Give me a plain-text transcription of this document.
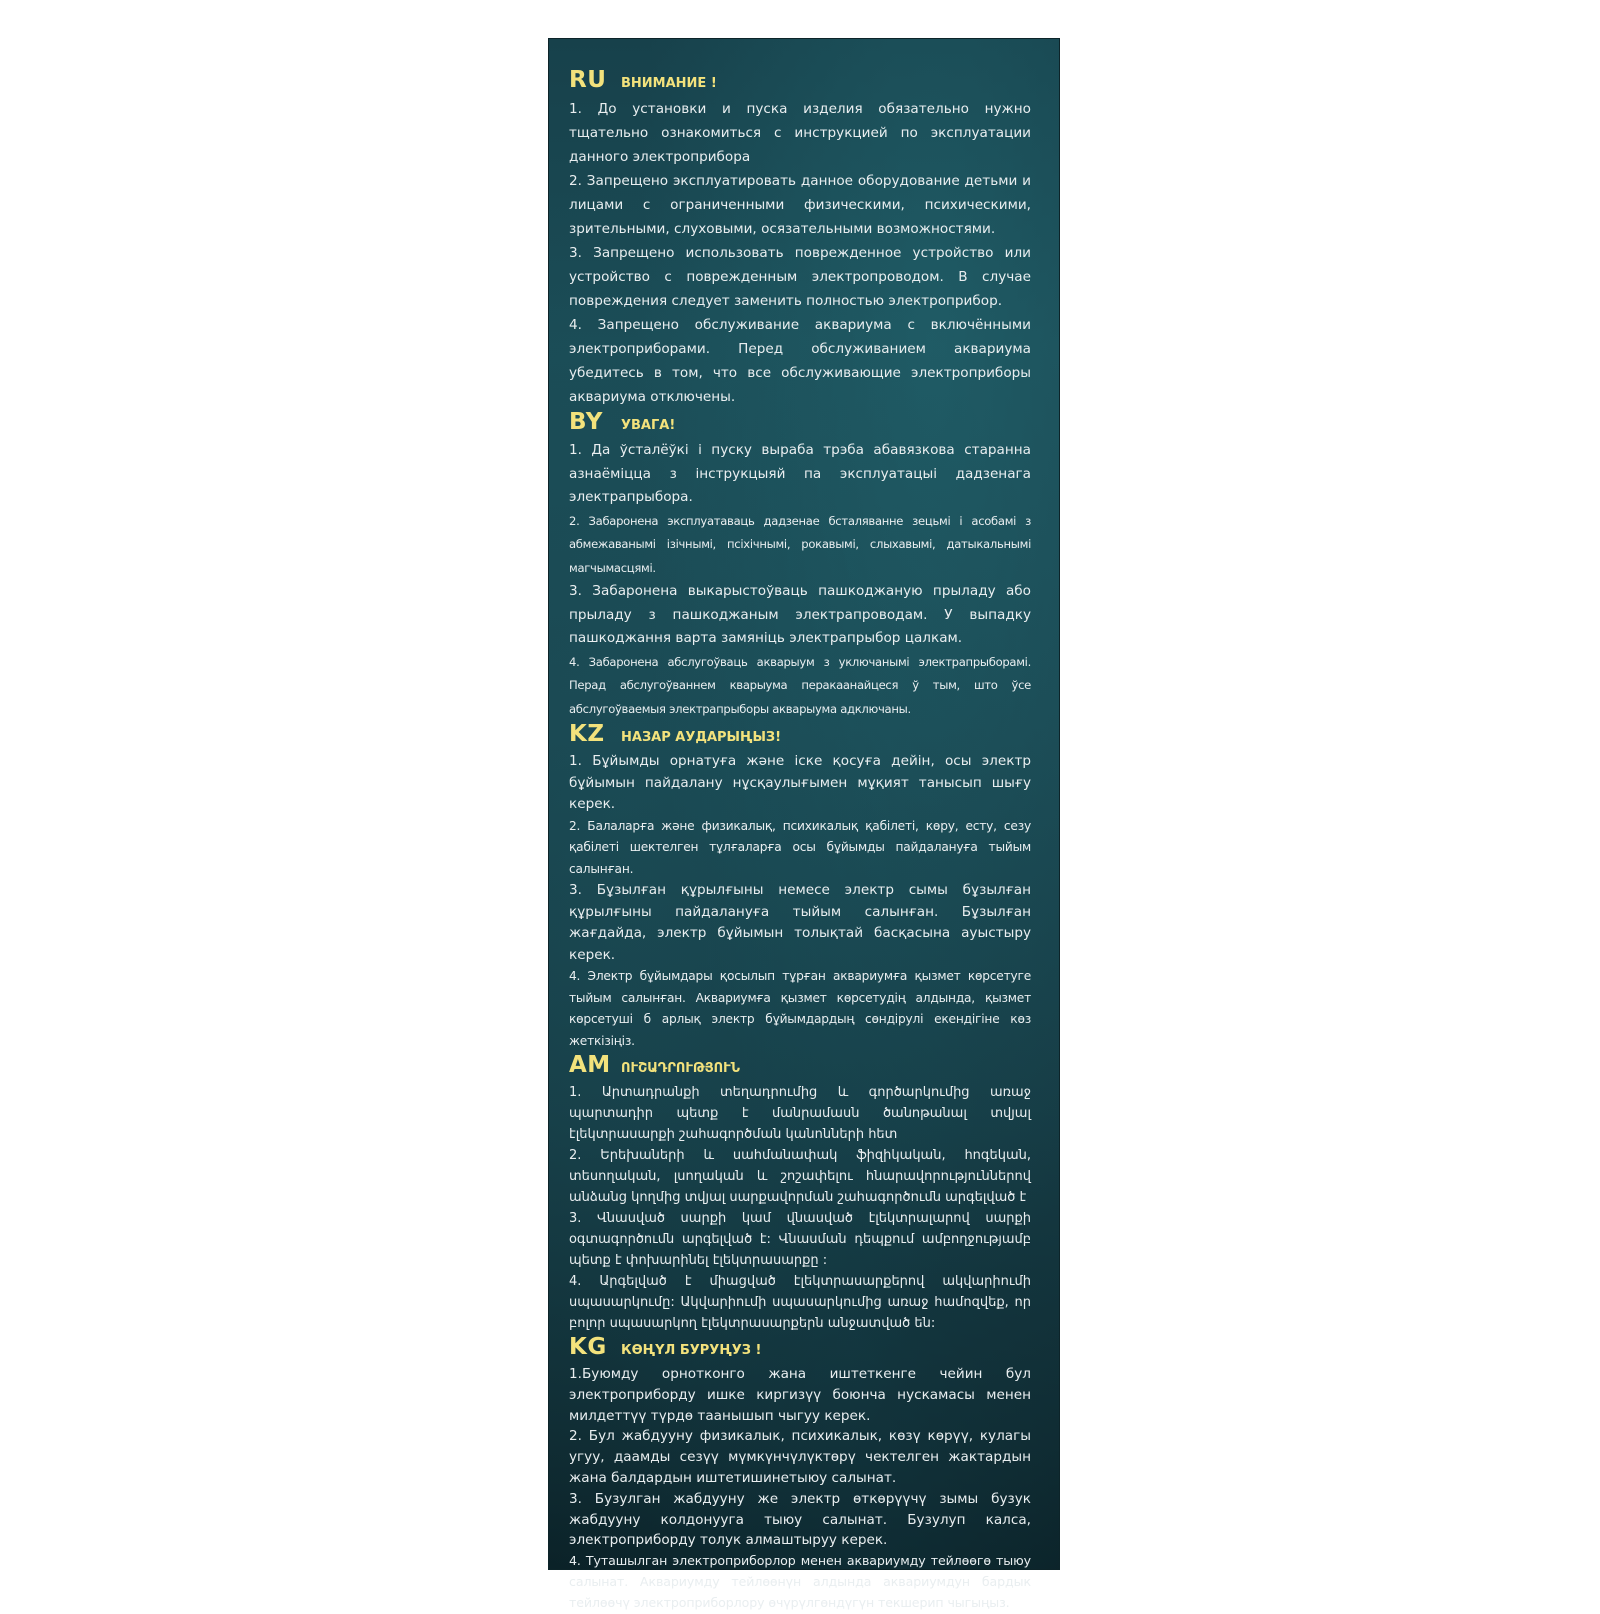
RU	ВНИМАНИЕ !

1. До установки и пуска изделия обязательно нужно тщательно ознакомиться с инструкцией по эксплуатации данного электроприбора

2. Запрещено эксплуатировать данное оборудование детьми и лицами с ограниченными физическими, психическими, зрительными, слуховыми, осязательными возможностями.

3. Запрещено использовать поврежденное устройство или устройство с поврежденным электропроводом. В случае повреждения следует заменить полностью электроприбор.

4. Запрещено обслуживание аквариума с включёнными электроприборами. Перед обслуживанием аквариума убедитесь в том, что все обслуживающие электроприборы аквариума отключены.

BY	УВАГА!

1. Да ўсталёўкі і пуску выраба трэба абавязкова старанна азнаёміцца з інструкцыяй па эксплуатацыі дадзенага электрапрыбора.

2. Забаронена эксплуатаваць дадзенае бсталяванне зецьмі і асобамі з абмежаванымі ізічнымі, псіхічнымі, рокавымі, слыхавымі, датыкальнымі магчымасцямі.

3. Забаронена выкарыстоўваць пашкоджаную прыладу або прыладу з пашкоджаным электрапроводам. У выпадку пашкоджання варта замяніць электрапрыбор цалкам.

4. Забаронена абслугоўваць акварыум з уключанымі электрапрыборамі. Перад абслугоўваннем кварыума перакаанайцеся ў тым, што ўсе абслугоўваемыя электрапрыборы акварыума адключаны.

KZ	НАЗАР АУДАРЫҢЫЗ!

1. Бұйымды орнатуға және іске қосуға дейін, осы электр бұйымын пайдалану нұсқаулығымен мұқият танысып шығу керек.

2. Балаларға және физикалық, психикалық қабілеті, көру, есту, сезу қабілеті шектелген тұлғаларға осы бұйымды пайдалануға тыйым салынған.

3. Бұзылған құрылғыны немесе электр сымы бұзылған құрылғыны пайдалануға тыйым салынған. Бұзылған жағдайда, электр бұйымын толықтай басқасына ауыстыру керек.

4. Электр бұйымдары қосылып тұрған аквариумға қызмет көрсетуге тыйым салынған. Аквариумға қызмет көрсетудің алдында, қызмет көрсетуші б арлық электр бұйымдардың сөндірулі екендігіне көз жеткізіңіз.

AM ՈՒՇԱԴՐՈՒԹՅՈՒՆ

1. Արտադրանքի տեղադրումից և գործարկումից առաջ պարտադիր պետք է մանրամասն ծանոթանալ տվյալ էլեկտրասարքի շահագործման կանոնների հետ

2. Երեխաների և սահմանափակ ֆիզիկական, հոգեկան, տեսողական, լսողական և շոշափելու հնարավորություններով անձանց կողմից տվյալ սարքավորման շահագործումն արգելված է

3. Վնասված սարքի կամ վնասված էլեկտրալարով սարքի օգտագործումն արգելված է: Վնասման դեպքում ամբողջությամբ պետք է փոխարինել էլեկտրասարքը :

4. Արգելված է միացված էլեկտրասարքերով ակվարիումի սպասարկումը: Ակվարիումի սպասարկումից առաջ համոզվեք, որ բոլոր սպասարկող էլեկտրասարքերն անջատված են:

KG	КӨҢҮЛ БУРУҢУЗ !

1.Буюмду орнотконго жана иштеткенге чейин бул электроприборду ишке киргизүү боюнча нускамасы менен милдеттүү түрдө таанышып чыгуу керек.

2. Бул жабдууну физикалык, психикалык, көзү көрүү, кулагы угуу, даамды сезүү мүмкүнчүлүктөрү чектелген жактардын жана балдардын иштетишинетыюу салынат.

3. Бузулган жабдууну же электр өткөрүүчү зымы бузук жабдууну колдонууга тыюу салынат. Бузулуп калса, электроприборду толук алмаштыруу керек.

4. Туташылган электроприборлор менен аквариумду тейлөөгө тыюу салынат. Аквариумду тейлөөнүн алдында аквариумдун бардык тейлөөчү электроприборлору өчүрүлгөндүгүн текшерип чыгыңыз.
